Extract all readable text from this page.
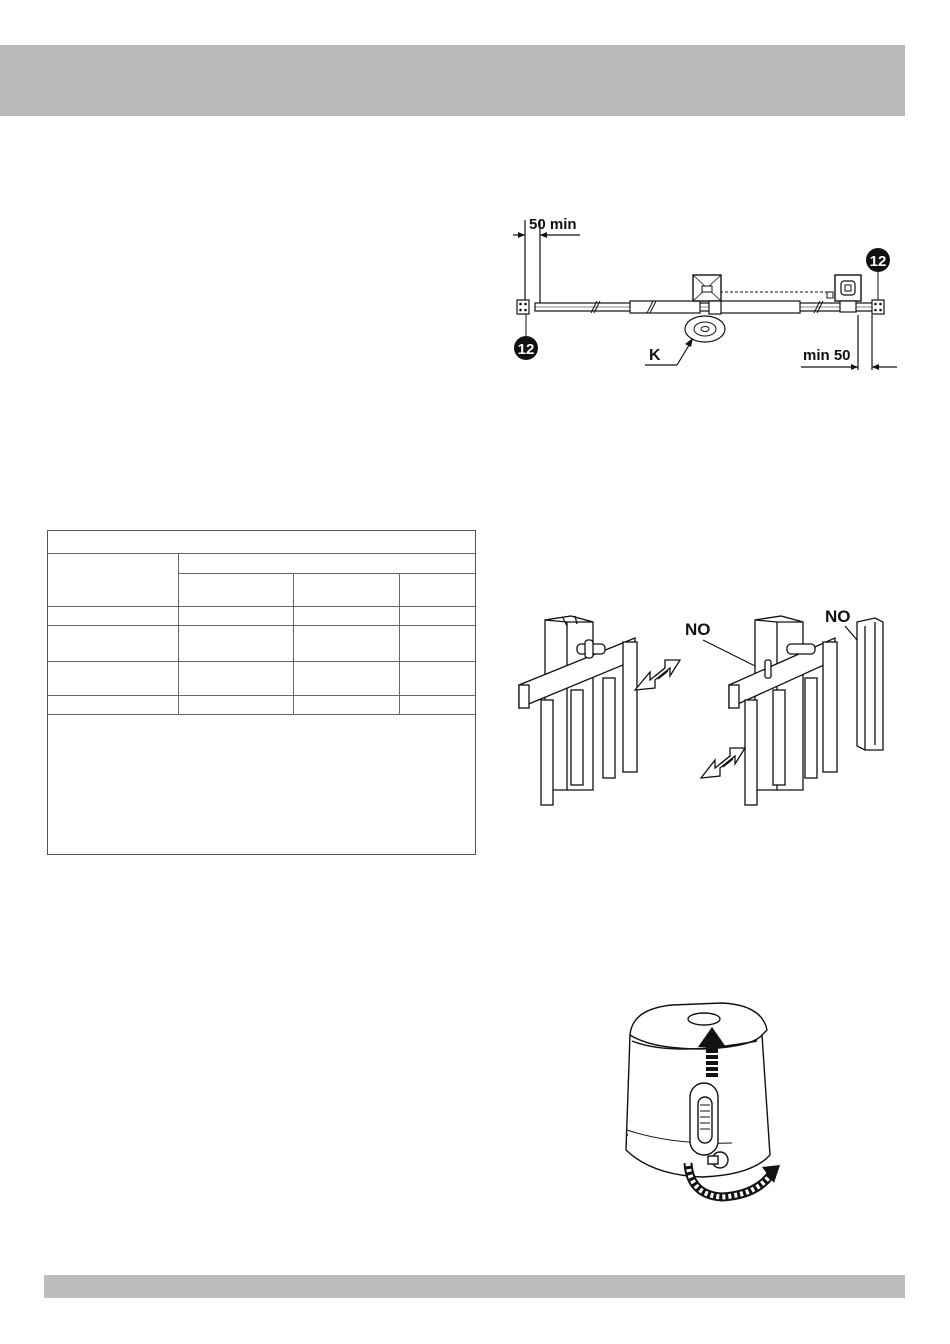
50 min
12
12
K	min 50
NO
NO
